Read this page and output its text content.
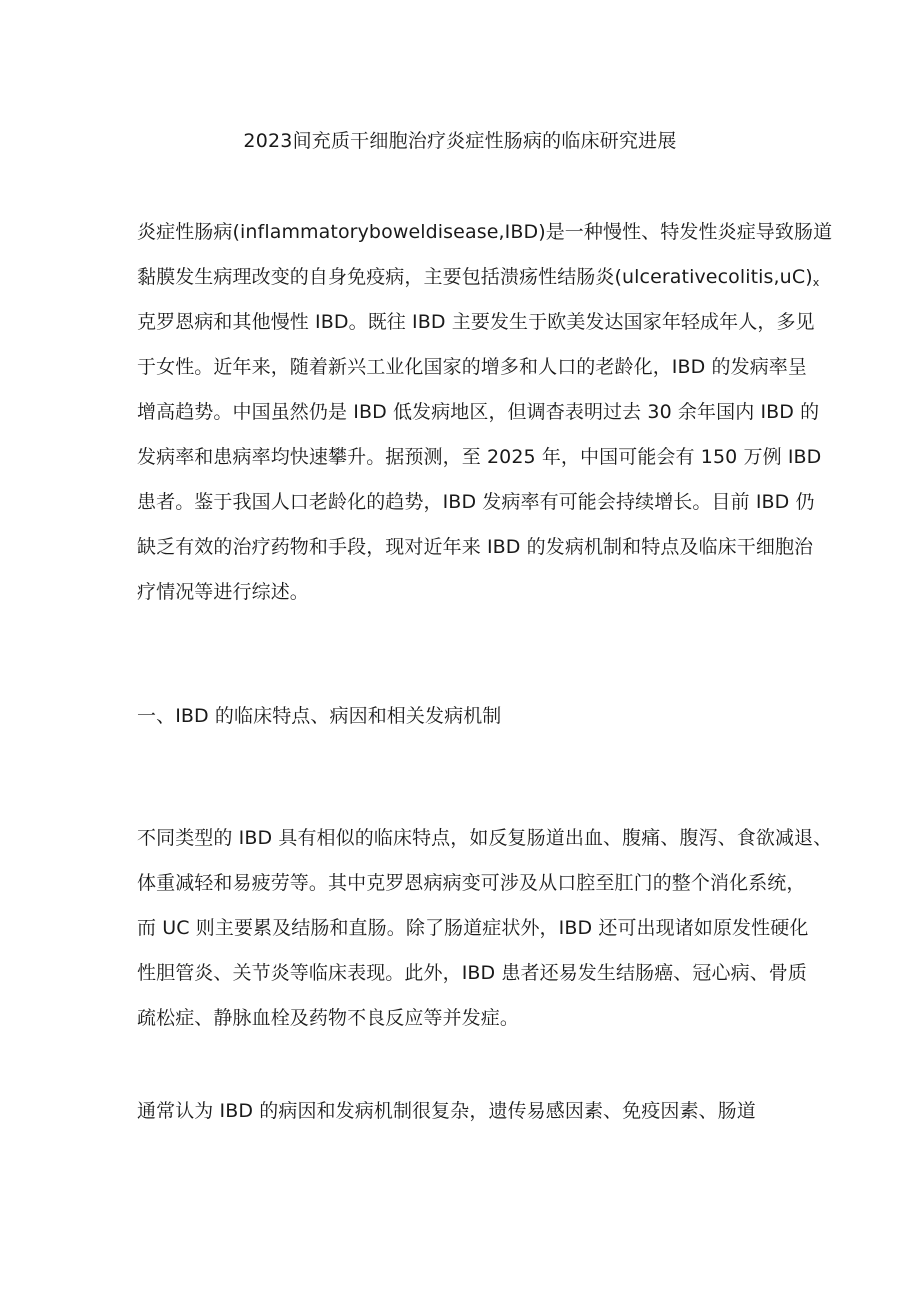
2023间充质干细胞治疗炎症性肠病的临床研究进展
炎症性肠病(inflammatoryboweldisease,IBD)是一种慢性、特发性炎症导致肠道
黏膜发生病理改变的自身免疫病，主要包括溃疡性结肠炎$(ulcerativecolitis,uC)_x$
克罗恩病和其他慢性 IBD。既往 IBD 主要发生于欧美发达国家年轻成年人，多见
于女性。近年来，随着新兴工业化国家的增多和人口的老龄化，IBD 的发病率呈
增高趋势。中国虽然仍是 IBD 低发病地区，但调杳表明过去 30 余年国内 IBD 的
发病率和患病率均快速攀升。据预测，至 2025 年，中国可能会有 150 万例 IBD
患者。鉴于我国人口老龄化的趋势，IBD 发病率有可能会持续增长。目前 IBD 仍
缺乏有效的治疗药物和手段，现对近年来 IBD 的发病机制和特点及临床干细胞治
疗情况等进行综述。
一、IBD 的临床特点、病因和相关发病机制
不同类型的 IBD 具有相似的临床特点，如反复肠道出血、腹痛、腹泻、食欲减退、
体重减轻和易疲劳等。其中克罗恩病病变可涉及从口腔至肛门的整个消化系统，
而 UC 则主要累及结肠和直肠。除了肠道症状外，IBD 还可出现诸如原发性硬化
性胆管炎、关节炎等临床表现。此外，IBD 患者还易发生结肠癌、冠心病、骨质
疏松症、静脉血栓及药物不良反应等并发症。
通常认为 IBD 的病因和发病机制很复杂，遗传易感因素、免疫因素、肠道
